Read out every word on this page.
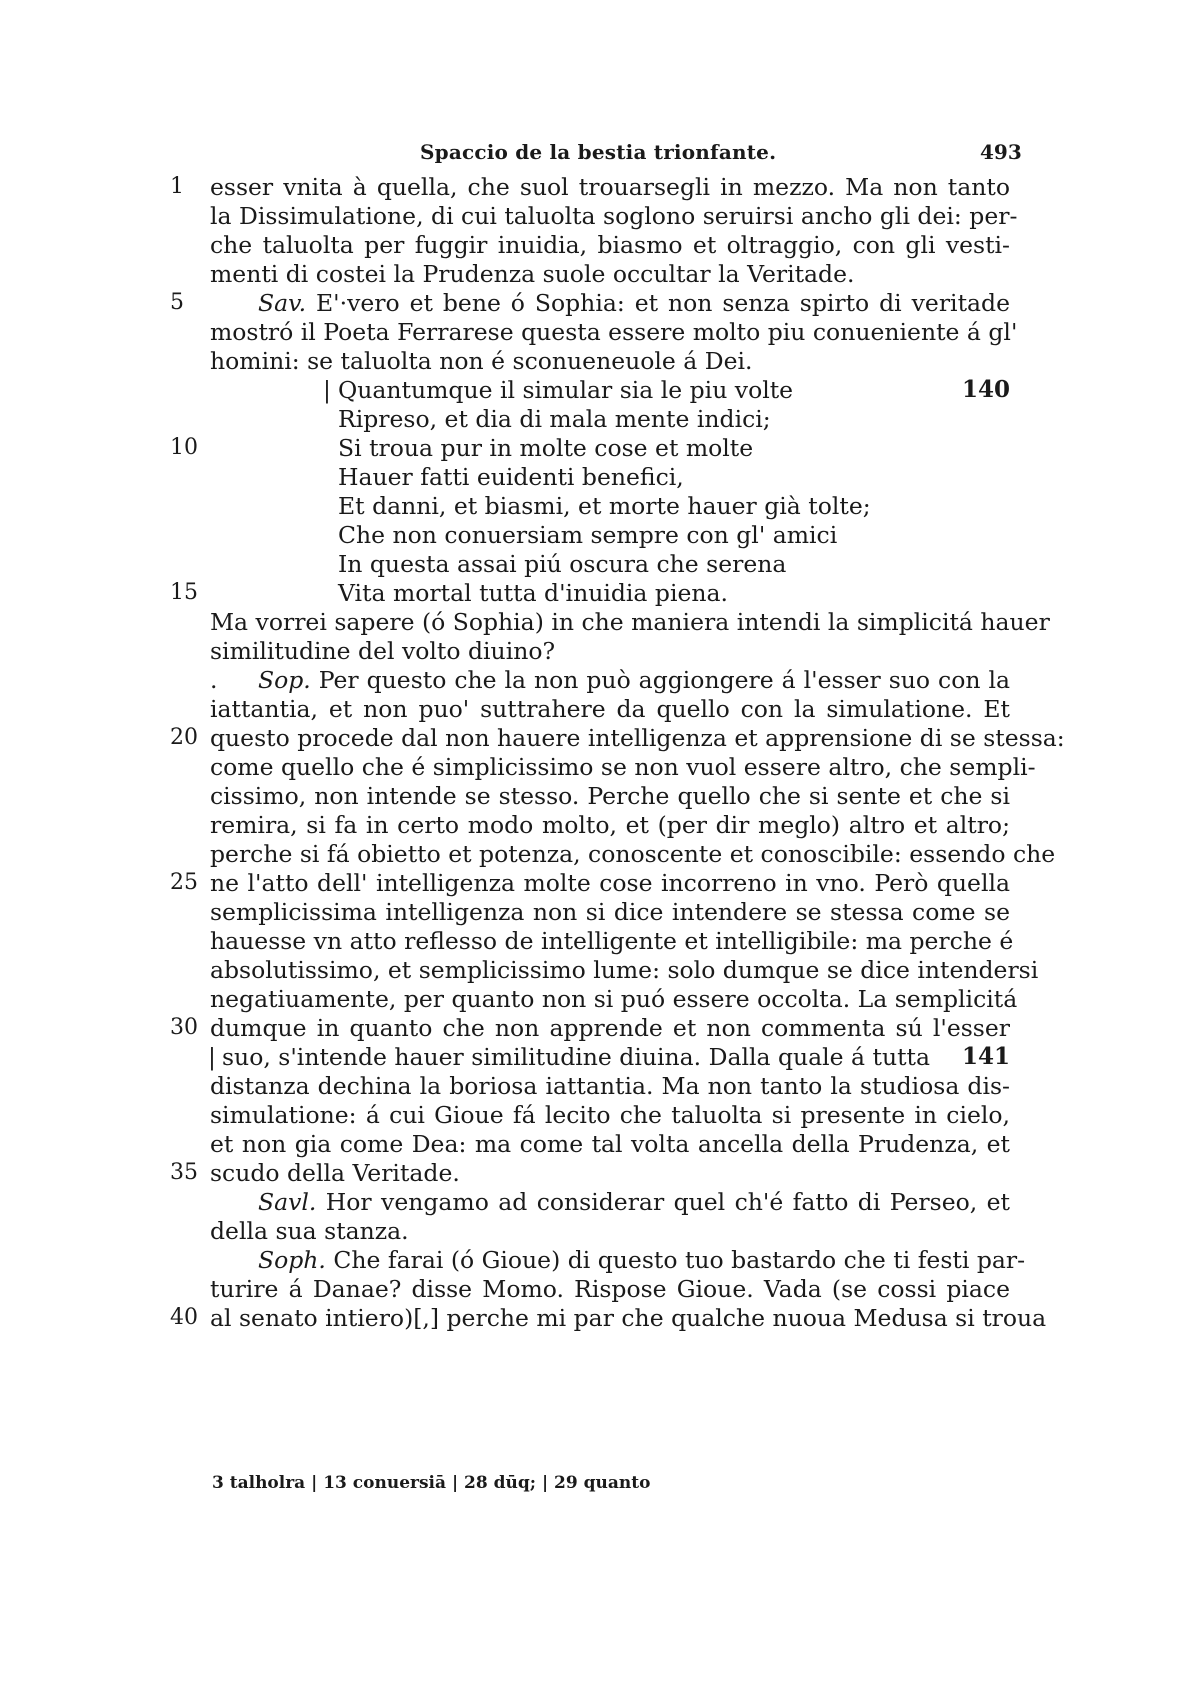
Spaccio de la bestia trionfante.	493
1
5
10
15
20
25
30
35
40
140
141
esser vnita à quella, che suol trouarsegli in mezzo. Ma non tanto
la Dissimulatione, di cui taluolta soglono seruirsi ancho gli dei: per-
che taluolta per fuggir inuidia, biasmo et oltraggio, con gli vesti-
menti di costei la Prudenza suole occultar la Veritade.
Sav. E'·vero et bene ó Sophia: et non senza spirto di veritade
mostró il Poeta Ferrarese questa essere molto piu conueniente á gl'
homini: se taluolta non é sconueneuole á Dei.
| Quantumque il simular sia le piu volte
Ripreso, et dia di mala mente indici;
Si troua pur in molte cose et molte
Hauer fatti euidenti benefici,
Et danni, et biasmi, et morte hauer già tolte;
Che non conuersiam sempre con gl' amici
In questa assai piú oscura che serena
Vita mortal tutta d'inuidia piena.
Ma vorrei sapere (ó Sophia) in che maniera intendi la simplicitá hauer
similitudine del volto diuino?
.	Sop. Per questo che la non può aggiongere á l'esser suo con la
iattantia, et non puo' suttrahere da quello con la simulatione. Et
questo procede dal non hauere intelligenza et apprensione di se stessa:
come quello che é simplicissimo se non vuol essere altro, che sempli-
cissimo, non intende se stesso. Perche quello che si sente et che si
remira, si fa in certo modo molto, et (per dir meglo) altro et altro;
perche si fá obietto et potenza, conoscente et conoscibile: essendo che
ne l'atto dell' intelligenza molte cose incorreno in vno. Però quella
semplicissima intelligenza non si dice intendere se stessa come se
hauesse vn atto reflesso de intelligente et intelligibile: ma perche é
absolutissimo, et semplicissimo lume: solo dumque se dice intendersi
negatiuamente, per quanto non si puó essere occolta. La semplicitá
dumque in quanto che non apprende et non commenta sú l'esser
| suo, s'intende hauer similitudine diuina. Dalla quale á tutta
distanza dechina la boriosa iattantia. Ma non tanto la studiosa dis-
simulatione: á cui Gioue fá lecito che taluolta si presente in cielo,
et non gia come Dea: ma come tal volta ancella della Prudenza, et
scudo della Veritade.
Savl. Hor vengamo ad considerar quel ch'é fatto di Perseo, et
della sua stanza.
Soph. Che farai (ó Gioue) di questo tuo bastardo che ti festi par-
turire á Danae? disse Momo. Rispose Gioue. Vada (se cossi piace
al senato intiero)[,] perche mi par che qualche nuoua Medusa si troua
3 talholra | 13 conuersiā | 28 dūq; | 29 quanto
